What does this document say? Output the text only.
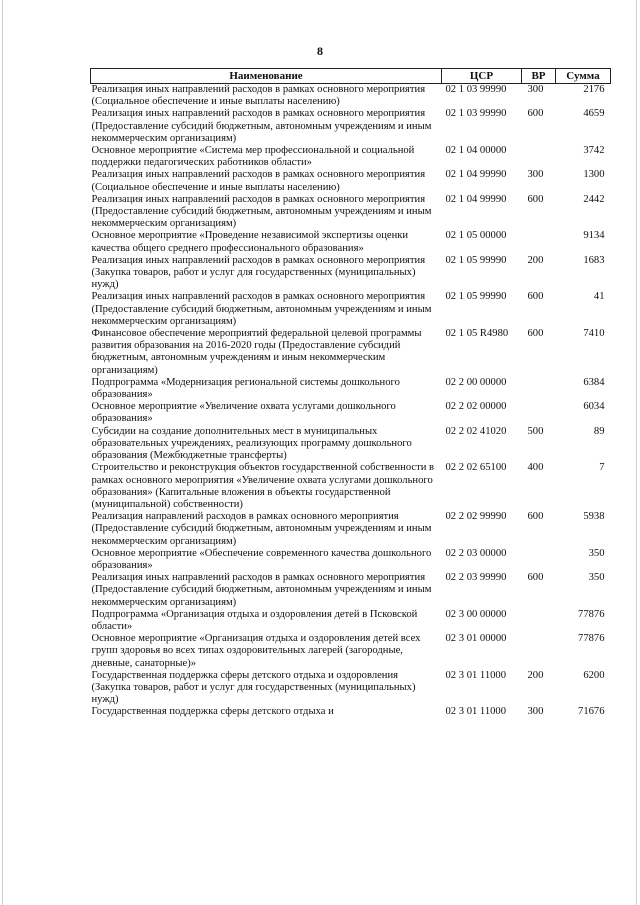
8
Наименование	ЦСР	ВР	Сумма
Реализация иных направлений расходов в рамках основного мероприятия (Социальное обеспечение и иные выплаты населению)	02 1 03 99990	300	2176
Реализация иных направлений расходов в рамках основного мероприятия (Предоставление субсидий бюджетным, автономным учреждениям и иным некоммерческим организациям)	02 1 03 99990	600	4659
Основное мероприятие «Система мер профессиональной и социальной поддержки педагогических работников области»	02 1 04 00000		3742
Реализация иных направлений расходов в рамках основного мероприятия (Социальное обеспечение и иные выплаты населению)	02 1 04 99990	300	1300
Реализация иных направлений расходов в рамках основного мероприятия (Предоставление субсидий бюджетным, автономным учреждениям и иным некоммерческим организациям)	02 1 04 99990	600	2442
Основное мероприятие «Проведение независимой экспертизы оценки качества общего среднего профессионального образования»	02 1 05 00000		9134
Реализация иных направлений расходов в рамках основного мероприятия (Закупка товаров, работ и услуг для государственных (муниципальных) нужд)	02 1 05 99990	200	1683
Реализация иных направлений расходов в рамках основного мероприятия (Предоставление субсидий бюджетным, автономным учреждениям и иным некоммерческим организациям)	02 1 05 99990	600	41
Финансовое обеспечение мероприятий федеральной целевой программы развития образования на 2016-2020 годы (Предоставление субсидий бюджетным, автономным учреждениям и иным некоммерческим организациям)	02 1 05 R4980	600	7410
Подпрограмма «Модернизация региональной системы дошкольного образования»	02 2 00 00000		6384
Основное мероприятие «Увеличение охвата услугами дошкольного образования»	02 2 02 00000		6034
Субсидии на создание дополнительных мест в муниципальных образовательных учреждениях, реализующих программу дошкольного образования (Межбюджетные трансферты)	02 2 02 41020	500	89
Строительство и реконструкция объектов государственной собственности в рамках основного мероприятия «Увеличение охвата услугами дошкольного образования» (Капитальные вложения в объекты государственной (муниципальной) собственности)	02 2 02 65100	400	7
Реализация направлений расходов в рамках основного мероприятия (Предоставление субсидий бюджетным, автономным учреждениям и иным некоммерческим организациям)	02 2 02 99990	600	5938
Основное мероприятие «Обеспечение современного качества дошкольного образования»	02 2 03 00000		350
Реализация иных направлений расходов в рамках основного мероприятия (Предоставление субсидий бюджетным, автономным учреждениям и иным некоммерческим организациям)	02 2 03 99990	600	350
Подпрограмма «Организация отдыха и оздоровления детей в Псковской области»	02 3 00 00000		77876
Основное мероприятие «Организация отдыха и оздоровления детей всех групп здоровья во всех типах оздоровительных лагерей (загородные, дневные, санаторные)»	02 3 01 00000		77876
Государственная поддержка сферы детского отдыха и оздоровления (Закупка товаров, работ и услуг для государственных (муниципальных) нужд)	02 3 01 11000	200	6200
Государственная поддержка сферы детского отдыха и	02 3 01 11000	300	71676
